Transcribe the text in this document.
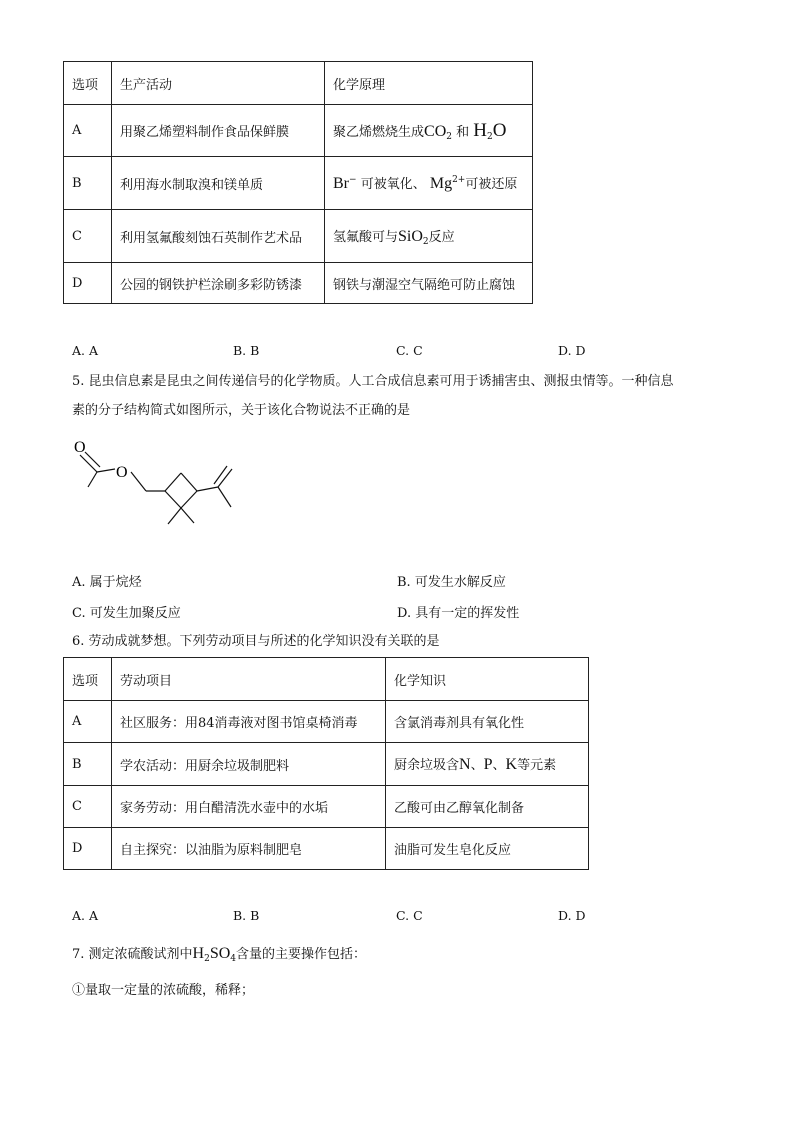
选项	生产活动	化学原理
A	用聚乙烯塑料制作食品保鲜膜	聚乙烯燃烧生成$CO_2$ 和 $H_2O$
B	利用海水制取溴和镁单质	Br− 可被氧化、 $Mg^{2+}$可被还原
C	利用氢氟酸刻蚀石英制作艺术品	氢氟酸可与SiO$_2$反应
D	公园的钢铁护栏涂刷多彩防锈漆	钢铁与潮湿空气隔绝可防止腐蚀
A. A	B. B	C. C	D. D
5. 昆虫信息素是昆虫之间传递信号的化学物质。人工合成信息素可用于诱捕害虫、测报虫情等。一种信息
素的分子结构简式如图所示，关于该化合物说法不正确的是
O
O
A. 属于烷烃	B. 可发生水解反应
C. 可发生加聚反应	D. 具有一定的挥发性
6. 劳动成就梦想。下列劳动项目与所述的化学知识没有关联的是
选项	劳动项目	化学知识
A	社区服务：用84消毒液对图书馆桌椅消毒	含氯消毒剂具有氧化性
B	学农活动：用厨余垃圾制肥料	厨余垃圾含N、P、K等元素
C	家务劳动：用白醋清洗水壶中的水垢	乙酸可由乙醇氧化制备
D	自主探究：以油脂为原料制肥皂	油脂可发生皂化反应
A. A	B. B	C. C	D. D
7. 测定浓硫酸试剂中$H_2SO_4$含量的主要操作包括：
①量取一定量的浓硫酸，稀释；
